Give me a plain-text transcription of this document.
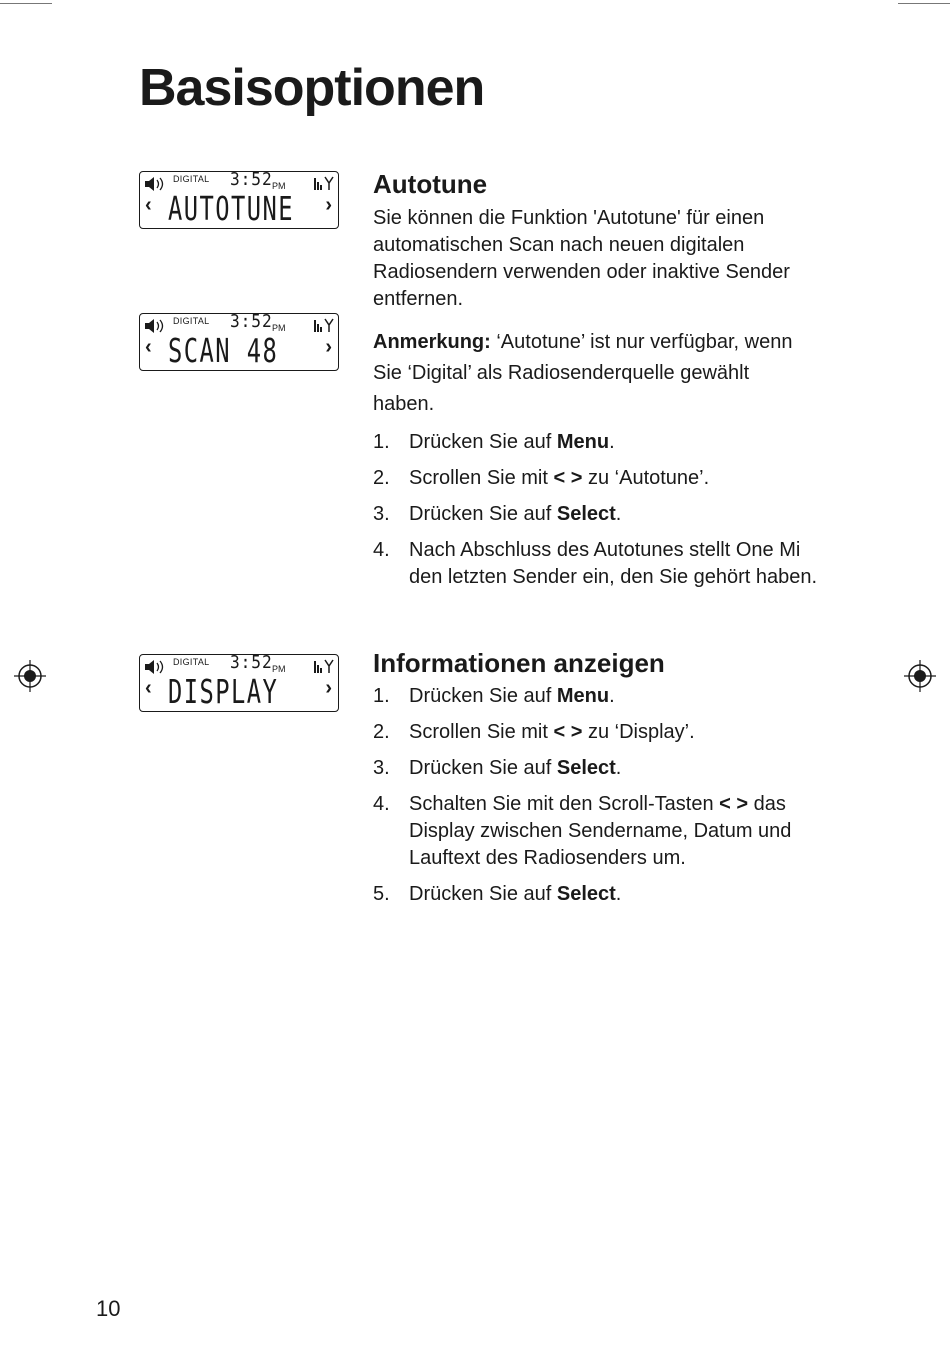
Basisoptionen
DIGITAL 3:52 PM
‹ AUTOTUNE ›
DIGITAL 3:52 PM
‹ SCAN 48 ›
DIGITAL 3:52 PM
‹ DISPLAY ›
Autotune

Sie können die Funktion 'Autotune' für einen automatischen Scan nach neuen digitalen Radiosendern verwenden oder inaktive Sender entfernen.

Anmerkung: ‘Autotune’ ist nur verfügbar, wenn Sie ‘Digital’ als Radiosenderquelle gewählt haben.

1. Drücken Sie auf Menu.
2. Scrollen Sie mit < > zu ‘Autotune’.
3. Drücken Sie auf Select.
4. Nach Abschluss des Autotunes stellt One Mi den letzten Sender ein, den Sie gehört haben.
Informationen anzeigen
1. Drücken Sie auf Menu.
2. Scrollen Sie mit < > zu ‘Display’.
3. Drücken Sie auf Select.
4. Schalten Sie mit den Scroll-Tasten < > das Display zwischen Sendername, Datum und Lauftext des Radiosenders um.
5. Drücken Sie auf Select.
10
